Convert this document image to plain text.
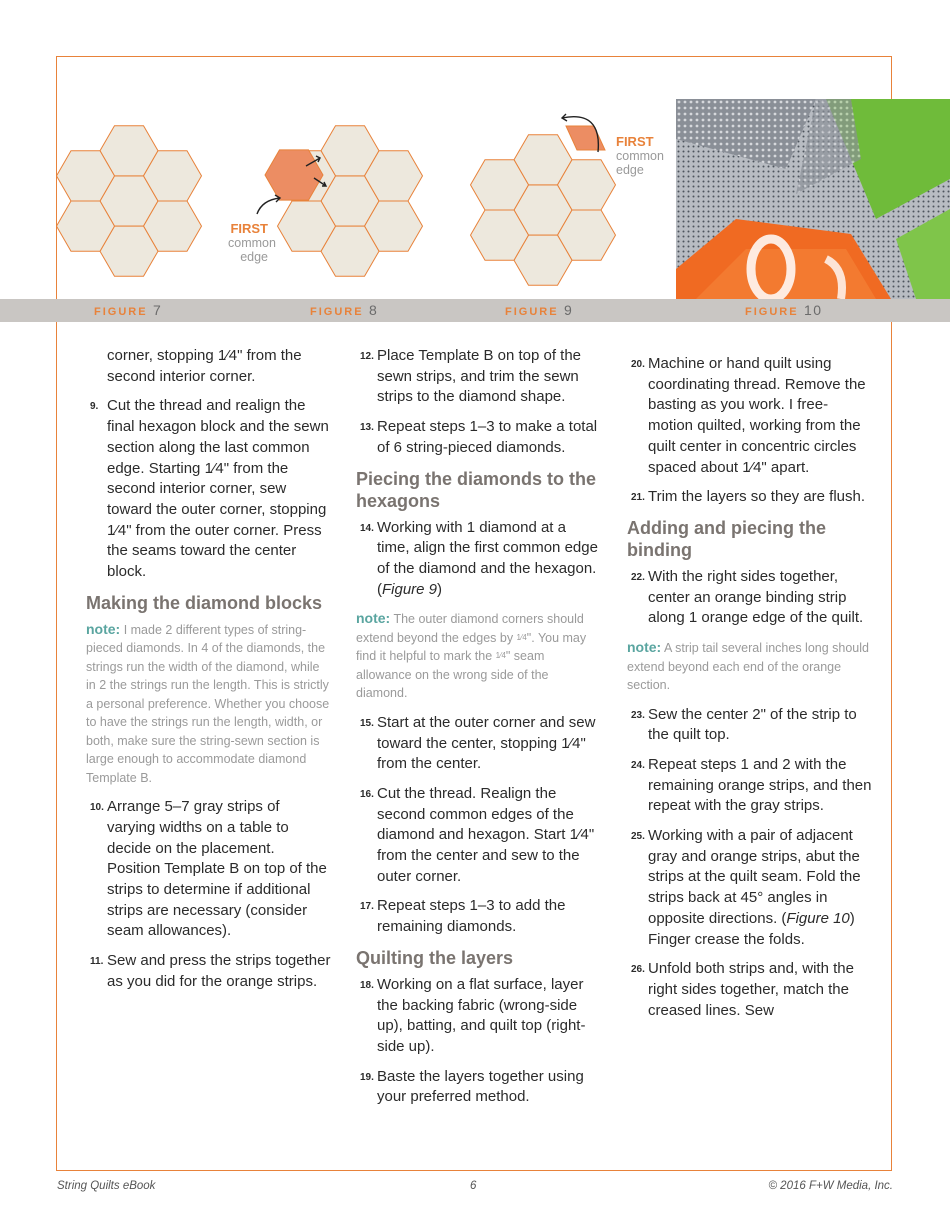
FIRST
common
edge
FIRST
common
edge
FIGURE 7	FIGURE 8	FIGURE 9	FIGURE 10
corner, stopping 1⁄4" from the second interior corner.
9. Cut the thread and realign the final hexagon block and the sewn section along the last common edge. Starting 1⁄4" from the second interior corner, sew toward the outer corner, stopping 1⁄4" from the outer corner. Press the seams toward the center block.
Making the diamond blocks
note: I made 2 different types of string-pieced diamonds. In 4 of the diamonds, the strings run the width of the diamond, while in 2 the strings run the length. This is strictly a personal preference. Whether you choose to have the strings run the length, width, or both, make sure the string-sewn section is large enough to accommodate diamond Template B.
10. Arrange 5–7 gray strips of varying widths on a table to decide on the placement. Position Template B on top of the strips to determine if additional strips are necessary (consider seam allowances).
11. Sew and press the strips together as you did for the orange strips.
12. Place Template B on top of the sewn strips, and trim the sewn strips to the diamond shape.
13. Repeat steps 1–3 to make a total of 6 string-pieced diamonds.
Piecing the diamonds to the hexagons
14. Working with 1 diamond at a time, align the first common edge of the diamond and the hexagon. (Figure 9)
note: The outer diamond corners should extend beyond the edges by $^{1⁄4}$". You may find it helpful to mark the $^{1⁄4}$" seam allowance on the wrong side of the diamond.
15. Start at the outer corner and sew toward the center, stopping 1⁄4" from the center.
16. Cut the thread. Realign the second common edges of the diamond and hexagon. Start 1⁄4" from the center and sew to the outer corner.
17. Repeat steps 1–3 to add the remaining diamonds.
Quilting the layers
18. Working on a flat surface, layer the backing fabric (wrong-side up), batting, and quilt top (right-side up).
19. Baste the layers together using your preferred method.
20. Machine or hand quilt using coordinating thread. Remove the basting as you work. I free-motion quilted, working from the quilt center in concentric circles spaced about 1⁄4" apart.
21. Trim the layers so they are flush.
Adding and piecing the binding
22. With the right sides together, center an orange binding strip along 1 orange edge of the quilt.
note: A strip tail several inches long should extend beyond each end of the orange section.
23. Sew the center 2" of the strip to the quilt top.
24. Repeat steps 1 and 2 with the remaining orange strips, and then repeat with the gray strips.
25. Working with a pair of adjacent gray and orange strips, abut the strips at the quilt seam. Fold the strips back at 45° angles in opposite directions. (Figure 10) Finger crease the folds.
26. Unfold both strips and, with the right sides together, match the creased lines. Sew
String Quilts eBook	6	© 2016 F+W Media, Inc.
